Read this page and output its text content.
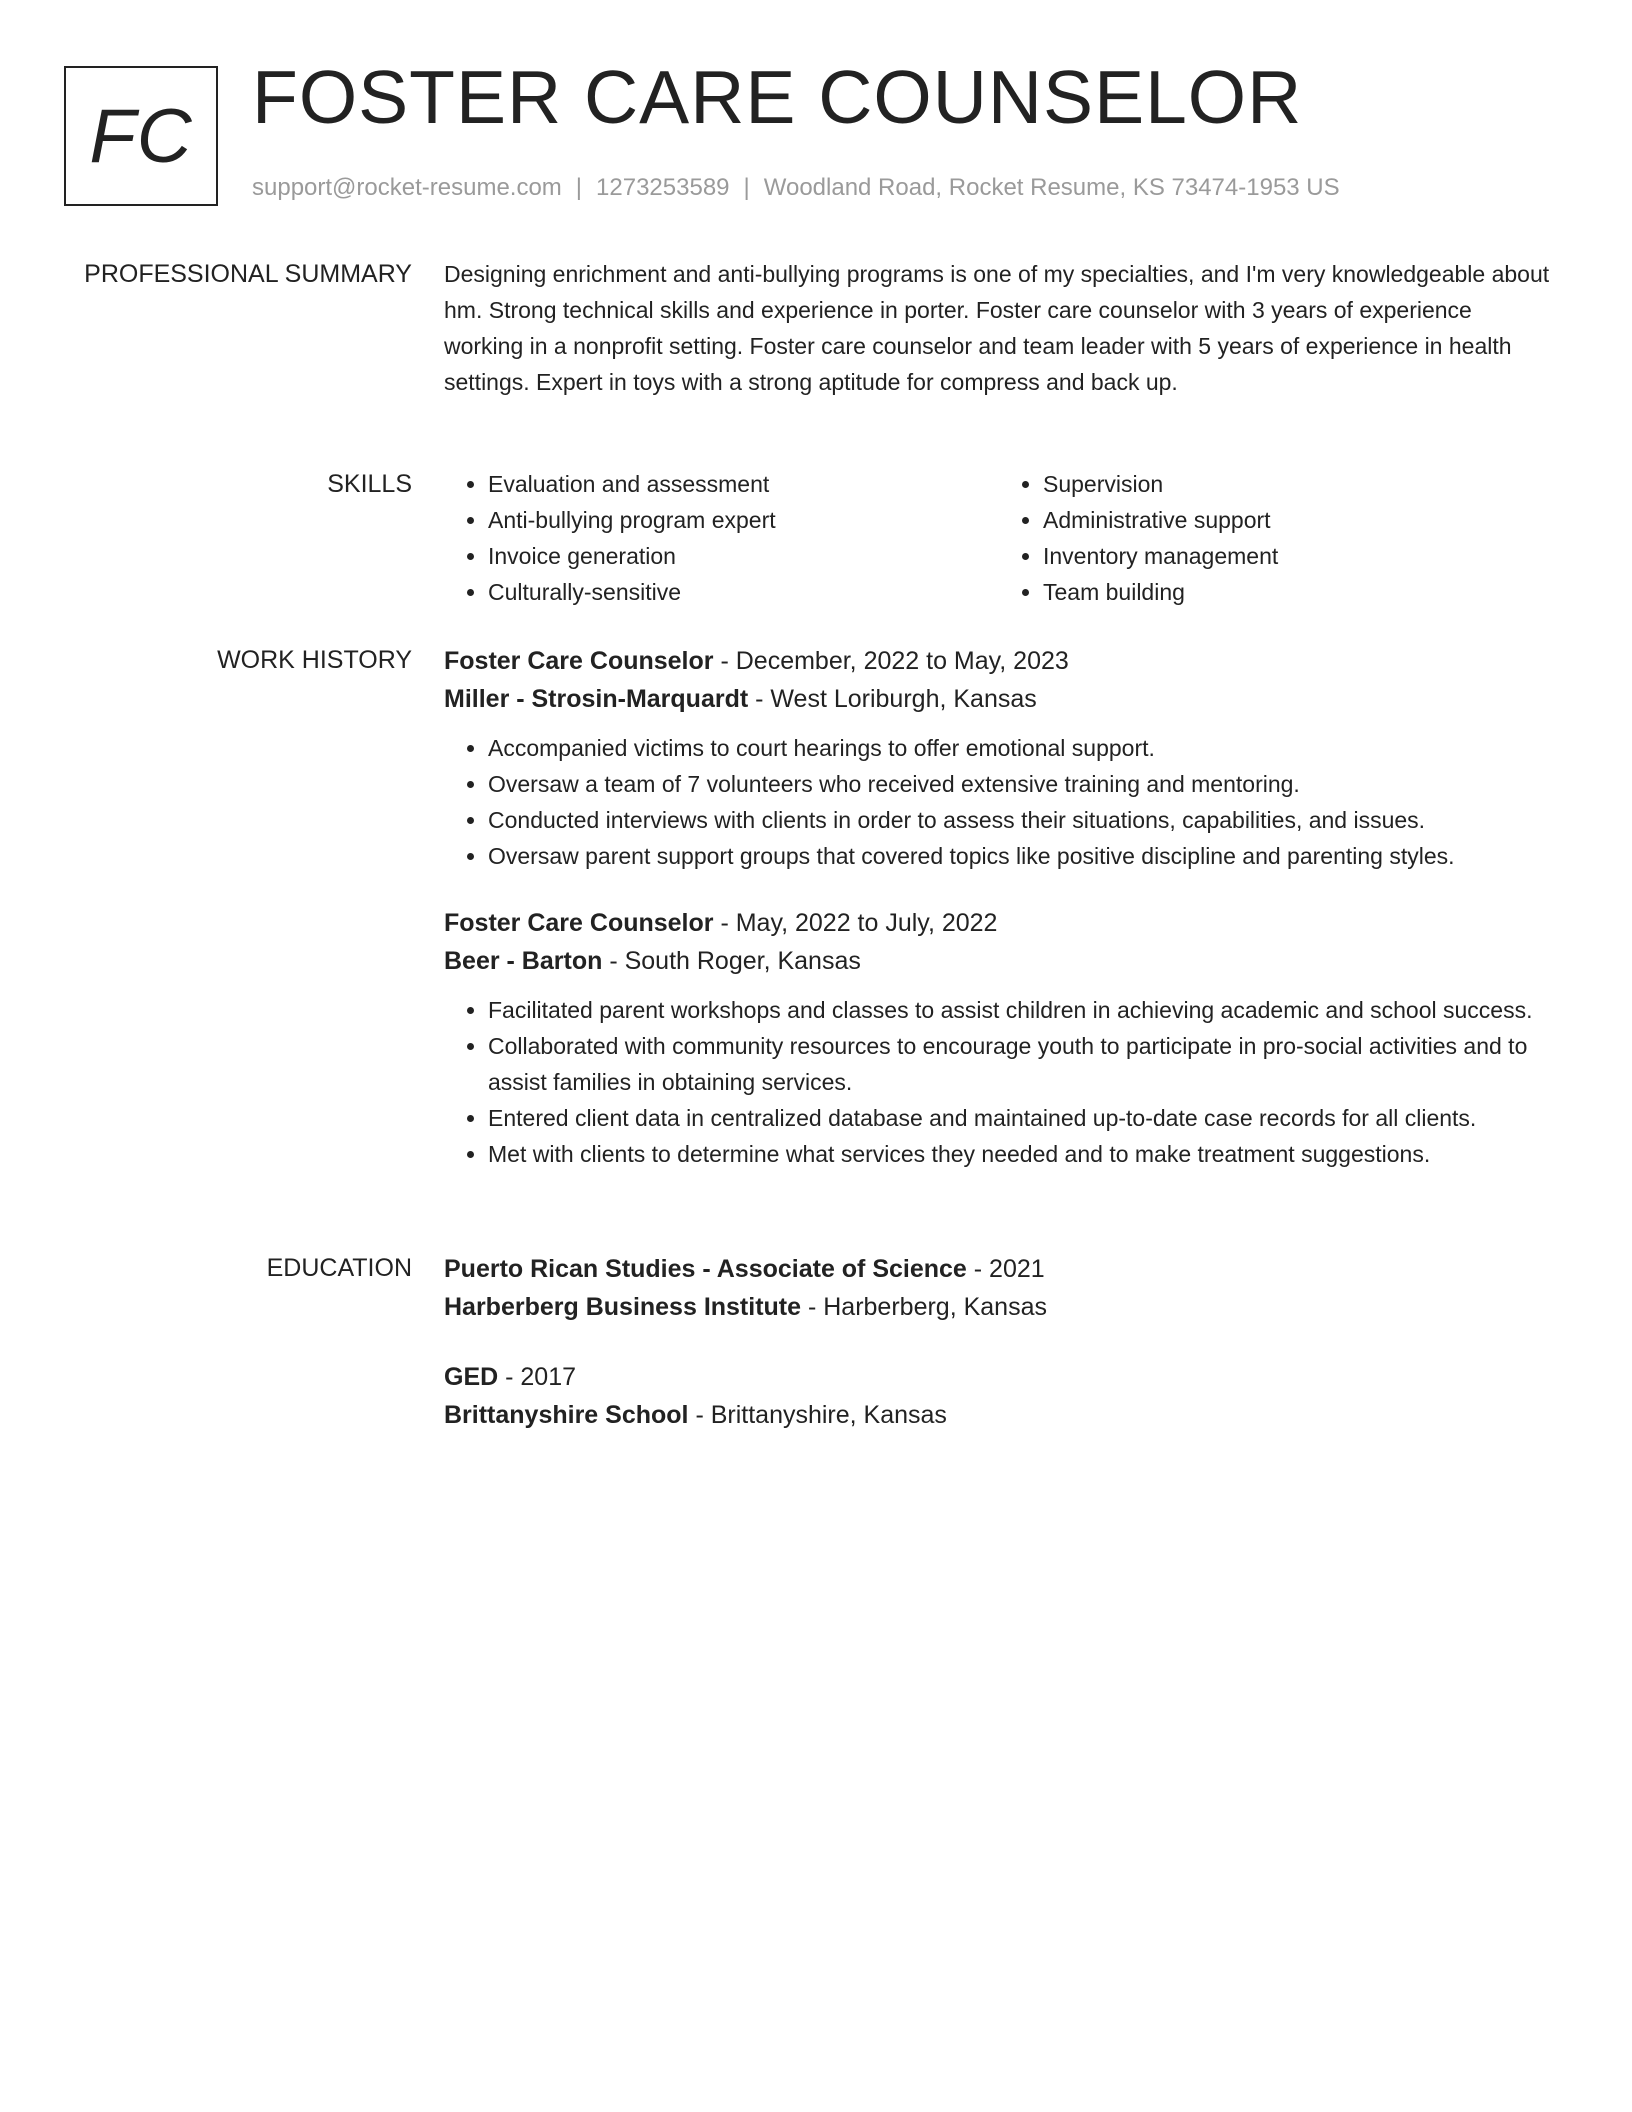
FC FOSTER CARE COUNSELOR
support@rocket-resume.com | 1273253589 | Woodland Road, Rocket Resume, KS 73474-1953 US
PROFESSIONAL SUMMARY Designing enrichment and anti-bullying programs is one of my specialties, and I'm very knowledgeable about hm. Strong technical skills and experience in porter. Foster care counselor with 3 years of experience working in a nonprofit setting. Foster care counselor and team leader with 5 years of experience in health settings. Expert in toys with a strong aptitude for compress and back up.

SKILLS
•	Evaluation and assessment
• Anti-bullying program expert
• Invoice generation
• Culturally-sensitive
• Supervision
• Administrative support
• Inventory management
• Team building
WORK HISTORY Foster Care Counselor - December, 2022 to May, 2023
Miller - Strosin-Marquardt - West Loriburgh, Kansas
• Accompanied victims to court hearings to offer emotional support.
• Oversaw a team of 7 volunteers who received extensive training and mentoring.
• Conducted interviews with clients in order to assess their situations, capabilities, and issues.
• Oversaw parent support groups that covered topics like positive discipline and parenting styles.
Foster Care Counselor - May, 2022 to July, 2022
Beer - Barton - South Roger, Kansas
• Facilitated parent workshops and classes to assist children in achieving academic and school success.
• Collaborated with community resources to encourage youth to participate in pro-social activities and to assist families in obtaining services.
• Entered client data in centralized database and maintained up-to-date case records for all clients.
• Met with clients to determine what services they needed and to make treatment suggestions.
EDUCATION Puerto Rican Studies - Associate of Science - 2021
Harberberg Business Institute - Harberberg, Kansas
GED - 2017
Brittanyshire School - Brittanyshire, Kansas
